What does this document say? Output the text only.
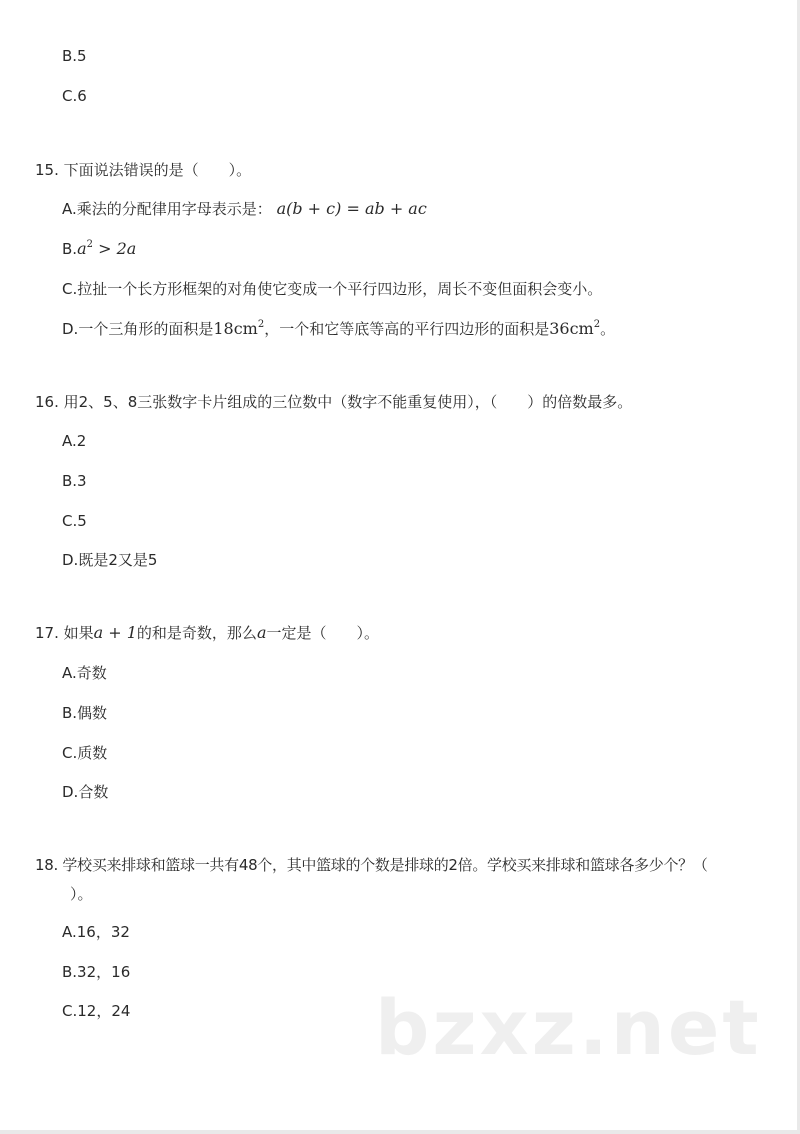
B.5
C.6
15. 下面说法错误的是（　　）。
A.乘法的分配律用字母表示是： a(b + c) = ab + ac
$B.a^2 > 2a$
C.拉扯一个长方形框架的对角使它变成一个平行四边形，周长不变但面积会变小。
D.一个三角形的面积是$18cm^2$，一个和它等底等高的平行四边形的面积是$36cm^2$。
16. 用2、5、8三张数字卡片组成的三位数中（数字不能重复使用），（　　）的倍数最多。
A.2
B.3
C.5
D.既是2又是5
17. 如果a + 1的和是奇数，那么a一定是（　　）。
A.奇数
B.偶数
C.质数
D.合数
18. 学校买来排球和篮球一共有48个，其中篮球的个数是排球的2倍。学校买来排球和篮球各多少个？（
）。
A.16，32
B.32，16
C.12，24	bzxz.net
